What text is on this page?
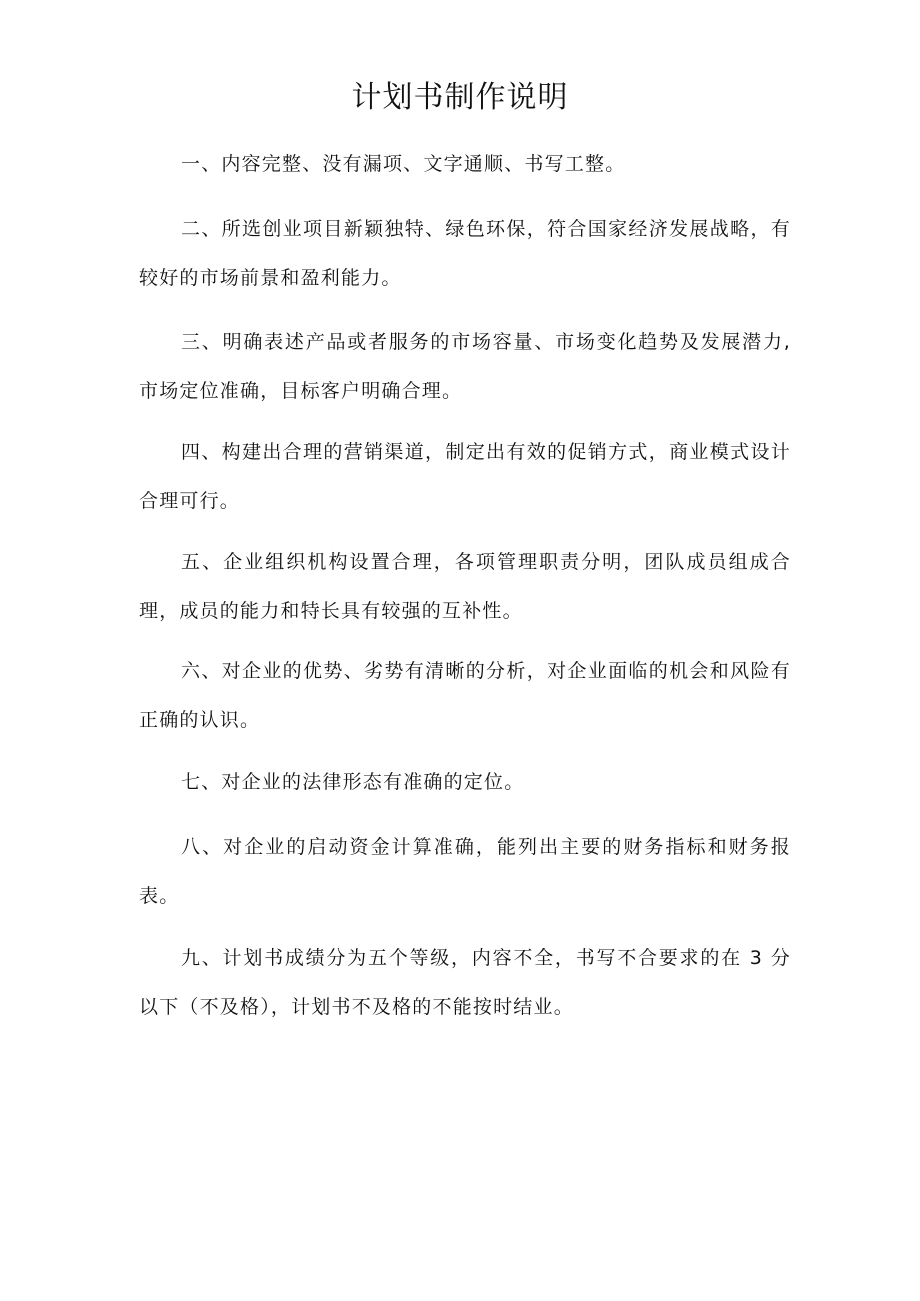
计划书制作说明

一、内容完整、没有漏项、文字通顺、书写工整。

二、所选创业项目新颖独特、绿色环保，符合国家经济发展战略，有较好的市场前景和盈利能力。

三、明确表述产品或者服务的市场容量、市场变化趋势及发展潜力, 市场定位准确，目标客户明确合理。

四、构建出合理的营销渠道，制定出有效的促销方式，商业模式设计合理可行。

五、企业组织机构设置合理，各项管理职责分明，团队成员组成合理，成员的能力和特长具有较强的互补性。

六、对企业的优势、劣势有清晰的分析，对企业面临的机会和风险有正确的认识。

七、对企业的法律形态有准确的定位。

八、对企业的启动资金计算准确，能列出主要的财务指标和财务报表。

九、计划书成绩分为五个等级，内容不全，书写不合要求的在 3 分以下（不及格），计划书不及格的不能按时结业。
